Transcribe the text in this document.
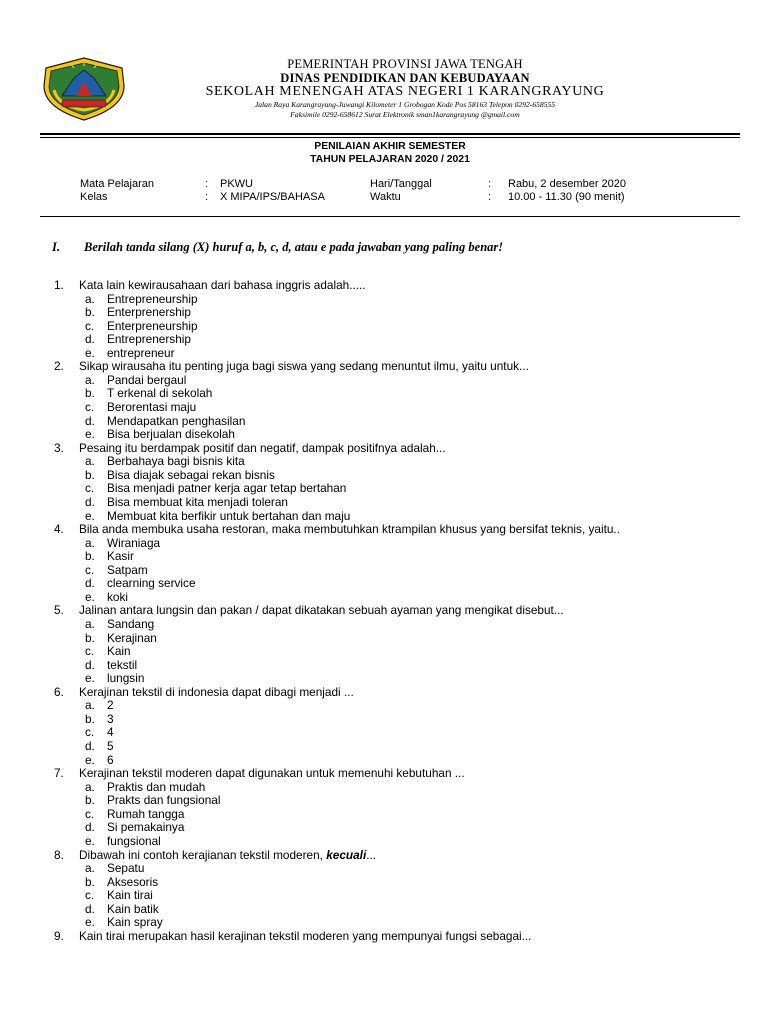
PEMERINTAH PROVINSI JAWA TENGAH
DINAS PENDIDIKAN DAN KEBUDAYAAN
SEKOLAH MENENGAH ATAS NEGERI 1 KARANGRAYUNG
Jalan Raya Karangrayung-Juwangi Kilometer 1 Grobogan Kode Pos 58163 Telepon 0292-658555
Faksimile 0292-658612 Surat Elektronik sman1karangrayung @gmail.com
PENILAIAN AKHIR SEMESTER
TAHUN PELAJARAN 2020 / 2021
Mata Pelajaran	: PKWU
Kelas	: X MIPA/IPS/BAHASA
Hari/Tanggal	: Rabu, 2 desember 2020
Waktu	: 10.00 - 11.30 (90 menit)
I. Berilah tanda silang (X) huruf a, b, c, d, atau e pada jawaban yang paling benar!
1. Kata lain kewirausahaan dari bahasa inggris adalah.....
a. Entrepreneurship
b. Enterprenership
c. Enterpreneurship
d. Entreprenership
e. entrepreneur
2. Sikap wirausaha itu penting juga bagi siswa yang sedang menuntut ilmu, yaitu untuk...
a. Pandai bergaul
b. T erkenal di sekolah
c. Berorentasi maju
d. Mendapatkan penghasilan
e. Bisa berjualan disekolah
3. Pesaing itu berdampak positif dan negatif, dampak positifnya adalah...
a. Berbahaya bagi bisnis kita
b. Bisa diajak sebagai rekan bisnis
c. Bisa menjadi patner kerja agar tetap bertahan
d. Bisa membuat kita menjadi toleran
e. Membuat kita berfikir untuk bertahan dan maju
4. Bila anda membuka usaha restoran, maka membutuhkan ktrampilan khusus yang bersifat teknis, yaitu..
a. Wiraniaga
b. Kasir
c. Satpam
d. clearning service
e. koki
5. Jalinan antara lungsin dan pakan / dapat dikatakan sebuah ayaman yang mengikat disebut...
a. Sandang
b. Kerajinan
c. Kain
d. tekstil
e. lungsin
6. Kerajinan tekstil di indonesia dapat dibagi menjadi ...
a. 2
b. 3
c. 4
d. 5
e. 6
7. Kerajinan tekstil moderen dapat digunakan untuk memenuhi kebutuhan ...
a. Praktis dan mudah
b. Prakts dan fungsional
c. Rumah tangga
d. Si pemakainya
e. fungsional
8. Dibawah ini contoh kerajianan tekstil moderen, kecuali...
a. Sepatu
b. Aksesoris
c. Kain tirai
d. Kain batik
e. Kain spray
9. Kain tirai merupakan hasil kerajinan tekstil moderen yang mempunyai fungsi sebagai...
